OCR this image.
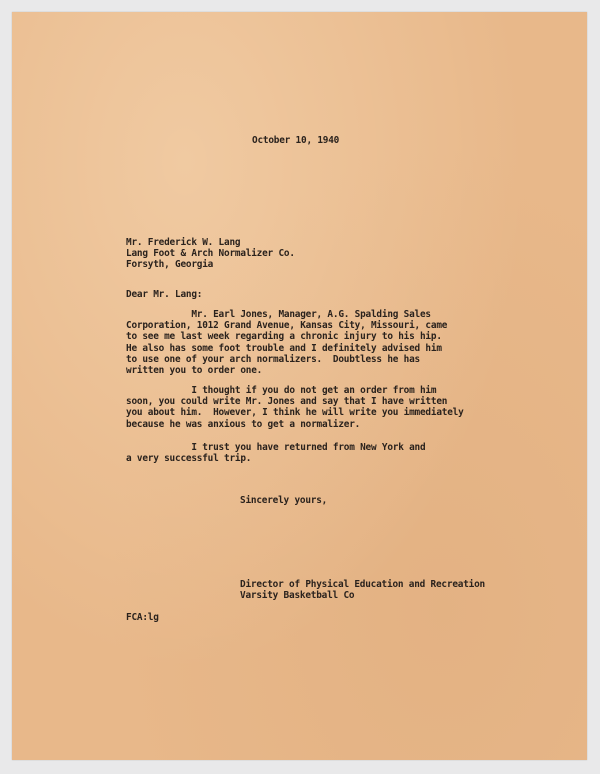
October 10, 1940

Mr. Frederick W. Lang
Lang Foot & Arch Normalizer Co.
Forsyth, Georgia

Dear Mr. Lang:

Mr. Earl Jones, Manager, A.G. Spalding Sales
Corporation, 1012 Grand Avenue, Kansas City, Missouri, came
to see me last week regarding a chronic injury to his hip.
He also has some foot trouble and I definitely advised him
to use one of your arch normalizers.  Doubtless he has
written you to order one.

I thought if you do not get an order from him
soon, you could write Mr. Jones and say that I have written
you about him.  However, I think he will write you immediately
because he was anxious to get a normalizer.

I trust you have returned from New York and
a very successful trip.

Sincerely yours,

Director of Physical Education and Recreation
Varsity Basketball Co

FCA:lg
